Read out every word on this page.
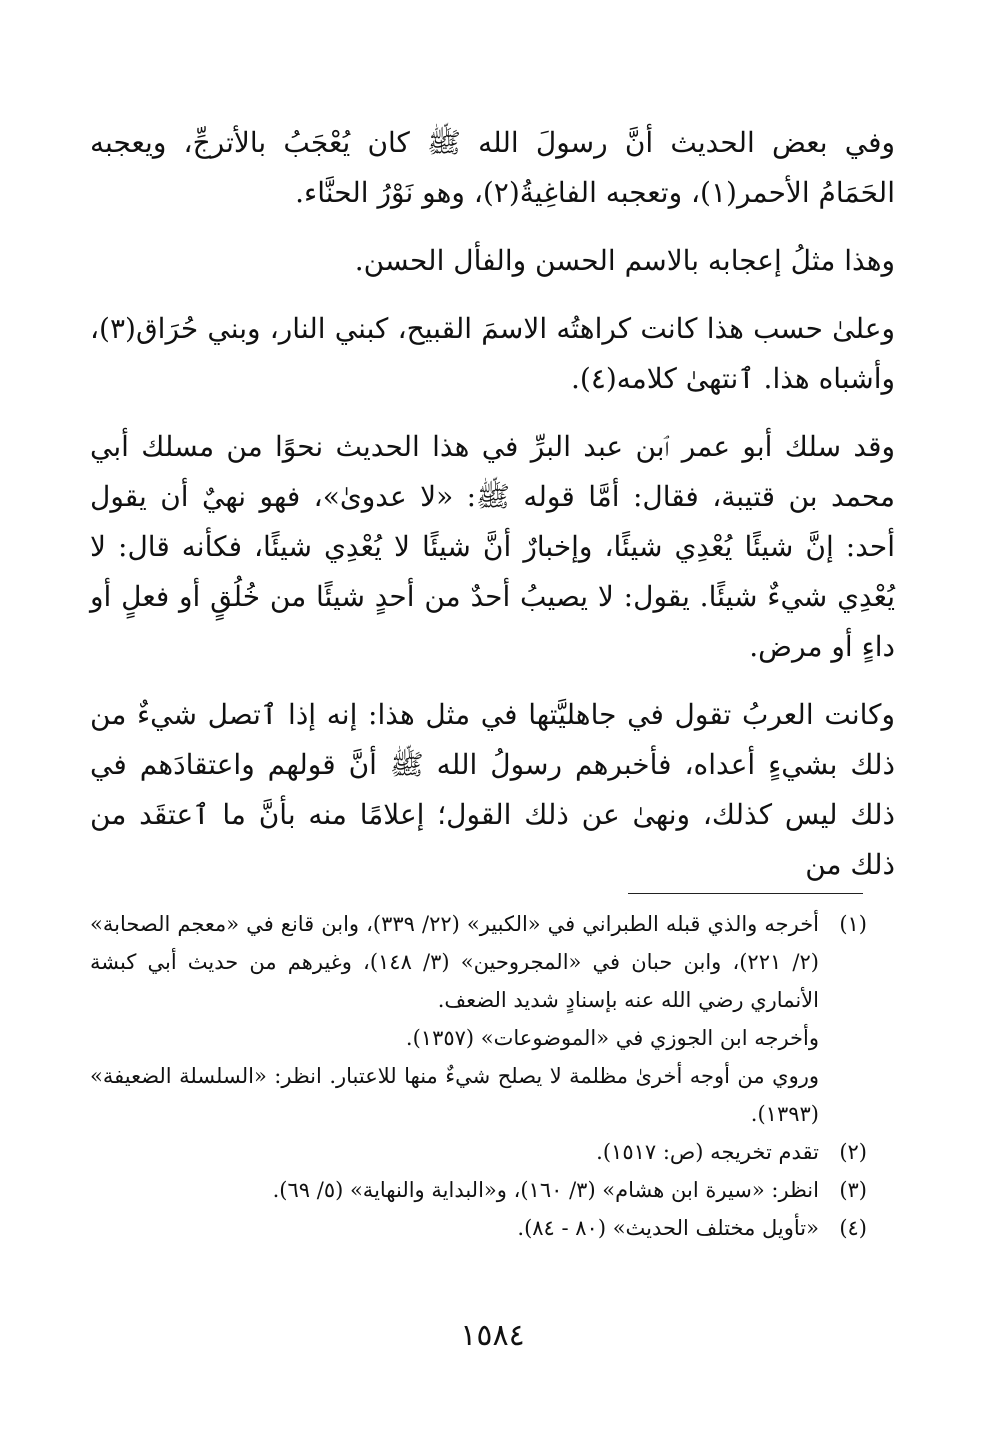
وفي بعض الحديث أنَّ رسولَ الله ﷺ كان يُعْجَبُ بالأترجِّ، ويعجبه الحَمَامُ الأحمر(١)، وتعجبه الفاغِيةُ(٢)، وهو نَوْرُ الحنَّاء.

وهذا مثلُ إعجابه بالاسم الحسن والفأل الحسن.

وعلىٰ حسب هذا كانت كراهتُه الاسمَ القبيح، كبني النار، وبني حُرَاق(٣)، وأشباه هذا. ٱنتهىٰ كلامه(٤).

وقد سلك أبو عمر ٱبن عبد البرِّ في هذا الحديث نحوًا من مسلك أبي محمد بن قتيبة، فقال: أمَّا قوله ﷺ: «لا عدوىٰ»، فهو نهيٌ أن يقول أحد: إنَّ شيئًا يُعْدِي شيئًا، وإخبارٌ أنَّ شيئًا لا يُعْدِي شيئًا، فكأنه قال: لا يُعْدِي شيءٌ شيئًا. يقول: لا يصيبُ أحدٌ من أحدٍ شيئًا من خُلُقٍ أو فعلٍ أو داءٍ أو مرض.

وكانت العربُ تقول في جاهليَّتها في مثل هذا: إنه إذا ٱتصل شيءٌ من ذلك بشيءٍ أعداه، فأخبرهم رسولُ الله ﷺ أنَّ قولهم واعتقادَهم في ذلك ليس كذلك، ونهىٰ عن ذلك القول؛ إعلامًا منه بأنَّ ما ٱعتقَد من ذلك من

(١)
أخرجه والذي قبله الطبراني في «الكبير» (٢٢/ ٣٣٩)، وابن قانع في «معجم الصحابة» (٢/ ٢٢١)، وابن حبان في «المجروحين» (٣/ ١٤٨)، وغيرهم من حديث أبي كبشة الأنماري رضي الله عنه بإسنادٍ شديد الضعف.
وأخرجه ابن الجوزي في «الموضوعات» (١٣٥٧).
وروي من أوجه أخرىٰ مظلمة لا يصلح شيءٌ منها للاعتبار. انظر: «السلسلة الضعيفة» (١٣٩٣).
(٢)
تقدم تخريجه (ص: ١٥١٧).
(٣)
انظر: «سيرة ابن هشام» (٣/ ١٦٠)، و«البداية والنهاية» (٥/ ٦٩).
(٤)
«تأويل مختلف الحديث» (٨٠ - ٨٤).
١٥٨٤
